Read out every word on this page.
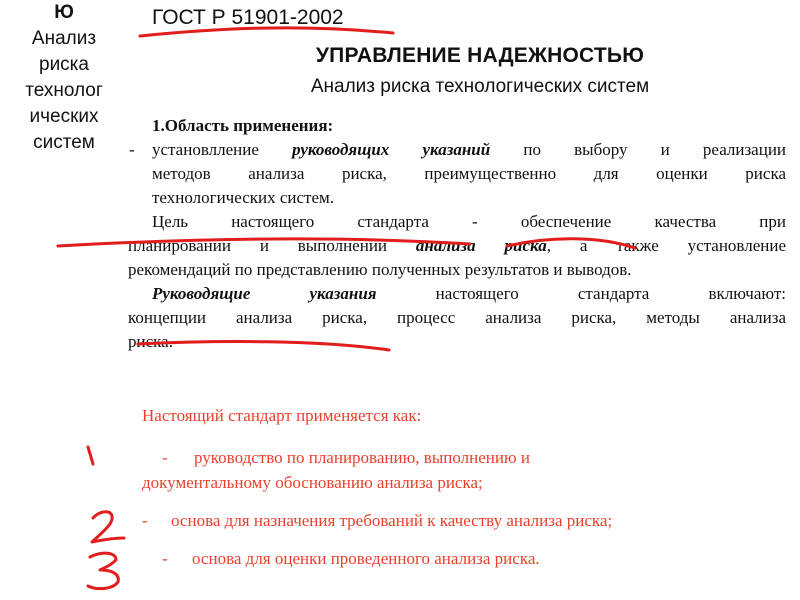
Ю
Анализ
риска
технолог
ических
систем
ГОСТ Р 51901-2002
УПРАВЛЕНИЕ НАДЕЖНОСТЬЮ
Анализ риска технологических систем
1.Область применения:
- установлление руководящих указаний по выбору и реализации
методов анализа риска, преимущественно для оценки риска
технологических систем.
Цель настоящего стандарта - обеспечение качества при
планировании и выполнении анализа риска, а также установление
рекомендаций по представлению полученных результатов и выводов.
Руководящие указания	настоящего стандарта включают:
концепции анализа риска, процесс анализа риска, методы анализа
риска.
Настоящий стандарт применяется как:
- руководство по планированию, выполнению и
документальному обоснованию анализа риска;
- основа для назначения требований к качеству анализа риска;
- основа для оценки проведенного анализа риска.
